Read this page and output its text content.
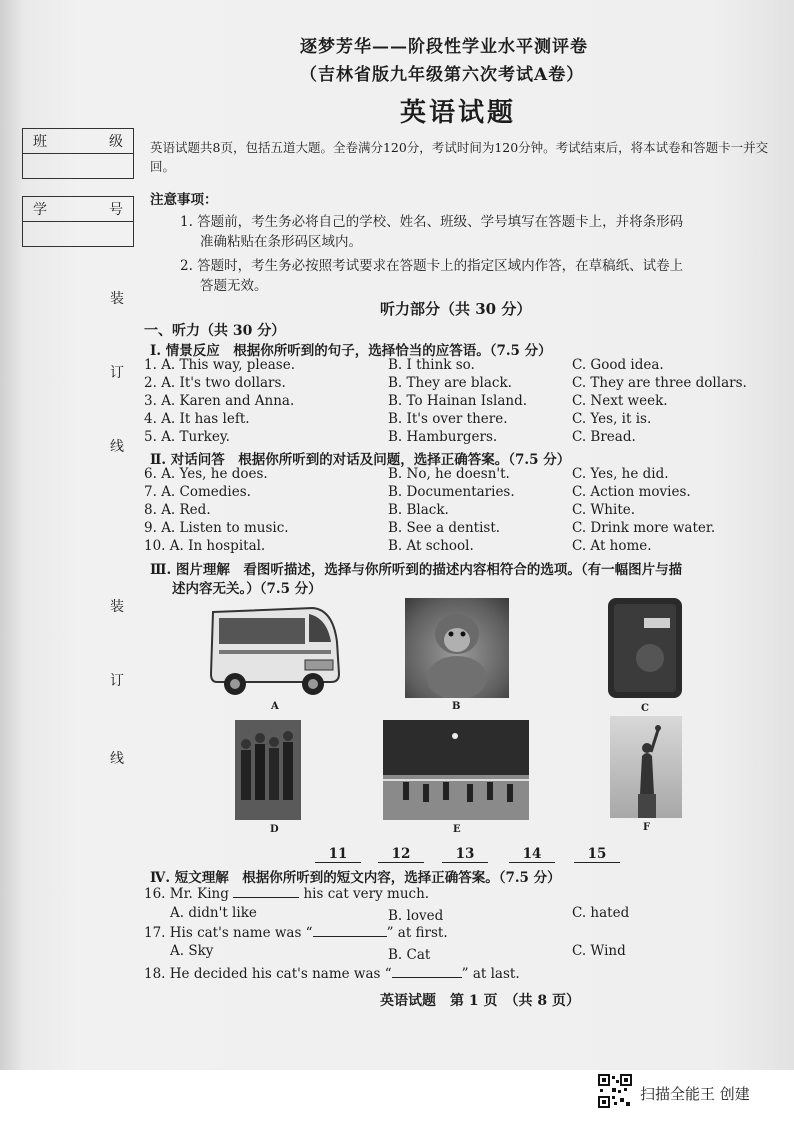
逐梦芳华——阶段性学业水平测评卷
（吉林省版九年级第六次考试A卷）
英语试题
班	级
学	号
装
订
线
装
订
线
英语试题共8页，包括五道大题。全卷满分120分，考试时间为120分钟。考试结束后，将本试卷和答题卡一并交回。
注意事项：
1. 答题前，考生务必将自己的学校、姓名、班级、学号填写在答题卡上，并将条形码
准确粘贴在条形码区域内。
2. 答题时，考生务必按照考试要求在答题卡上的指定区域内作答，在草稿纸、试卷上
答题无效。
听力部分（共 30 分）
一、听力（共 30 分）
Ⅰ. 情景反应　根据你所听到的句子，选择恰当的应答语。（7.5 分）
1. A. This way, please.	B. I think so.	C. Good idea.
2. A. It's two dollars.	B. They are black.	C. They are three dollars.
3. A. Karen and Anna.	B. To Hainan Island.	C. Next week.
4. A. It has left.	B. It's over there.	C. Yes, it is.
5. A. Turkey.	B. Hamburgers.	C. Bread.
Ⅱ. 对话问答　根据你所听到的对话及问题，选择正确答案。（7.5 分）
6. A. Yes, he does.	B. No, he doesn't.	C. Yes, he did.
7. A. Comedies.	B. Documentaries.	C. Action movies.
8. A. Red.	B. Black.	C. White.
9. A. Listen to music.	B. See a dentist.	C. Drink more water.
10. A. In hospital.	B. At school.	C. At home.
Ⅲ. 图片理解　看图听描述，选择与你所听到的描述内容相符合的选项。（有一幅图片与描
述内容无关。）（7.5 分）
A	B	C
D	E	F
11	12	13	14	15
Ⅳ. 短文理解　根据你所听到的短文内容，选择正确答案。（7.5 分）
16. Mr. King	his cat very much.
A. didn't like	B. loved	C. hated
17. His cat's name was “	” at first.
A. Sky	B. Cat	C. Wind
18. He decided his cat's name was “	” at last.
英语试题　第 1 页　（共 8 页）
扫描全能王 创建
